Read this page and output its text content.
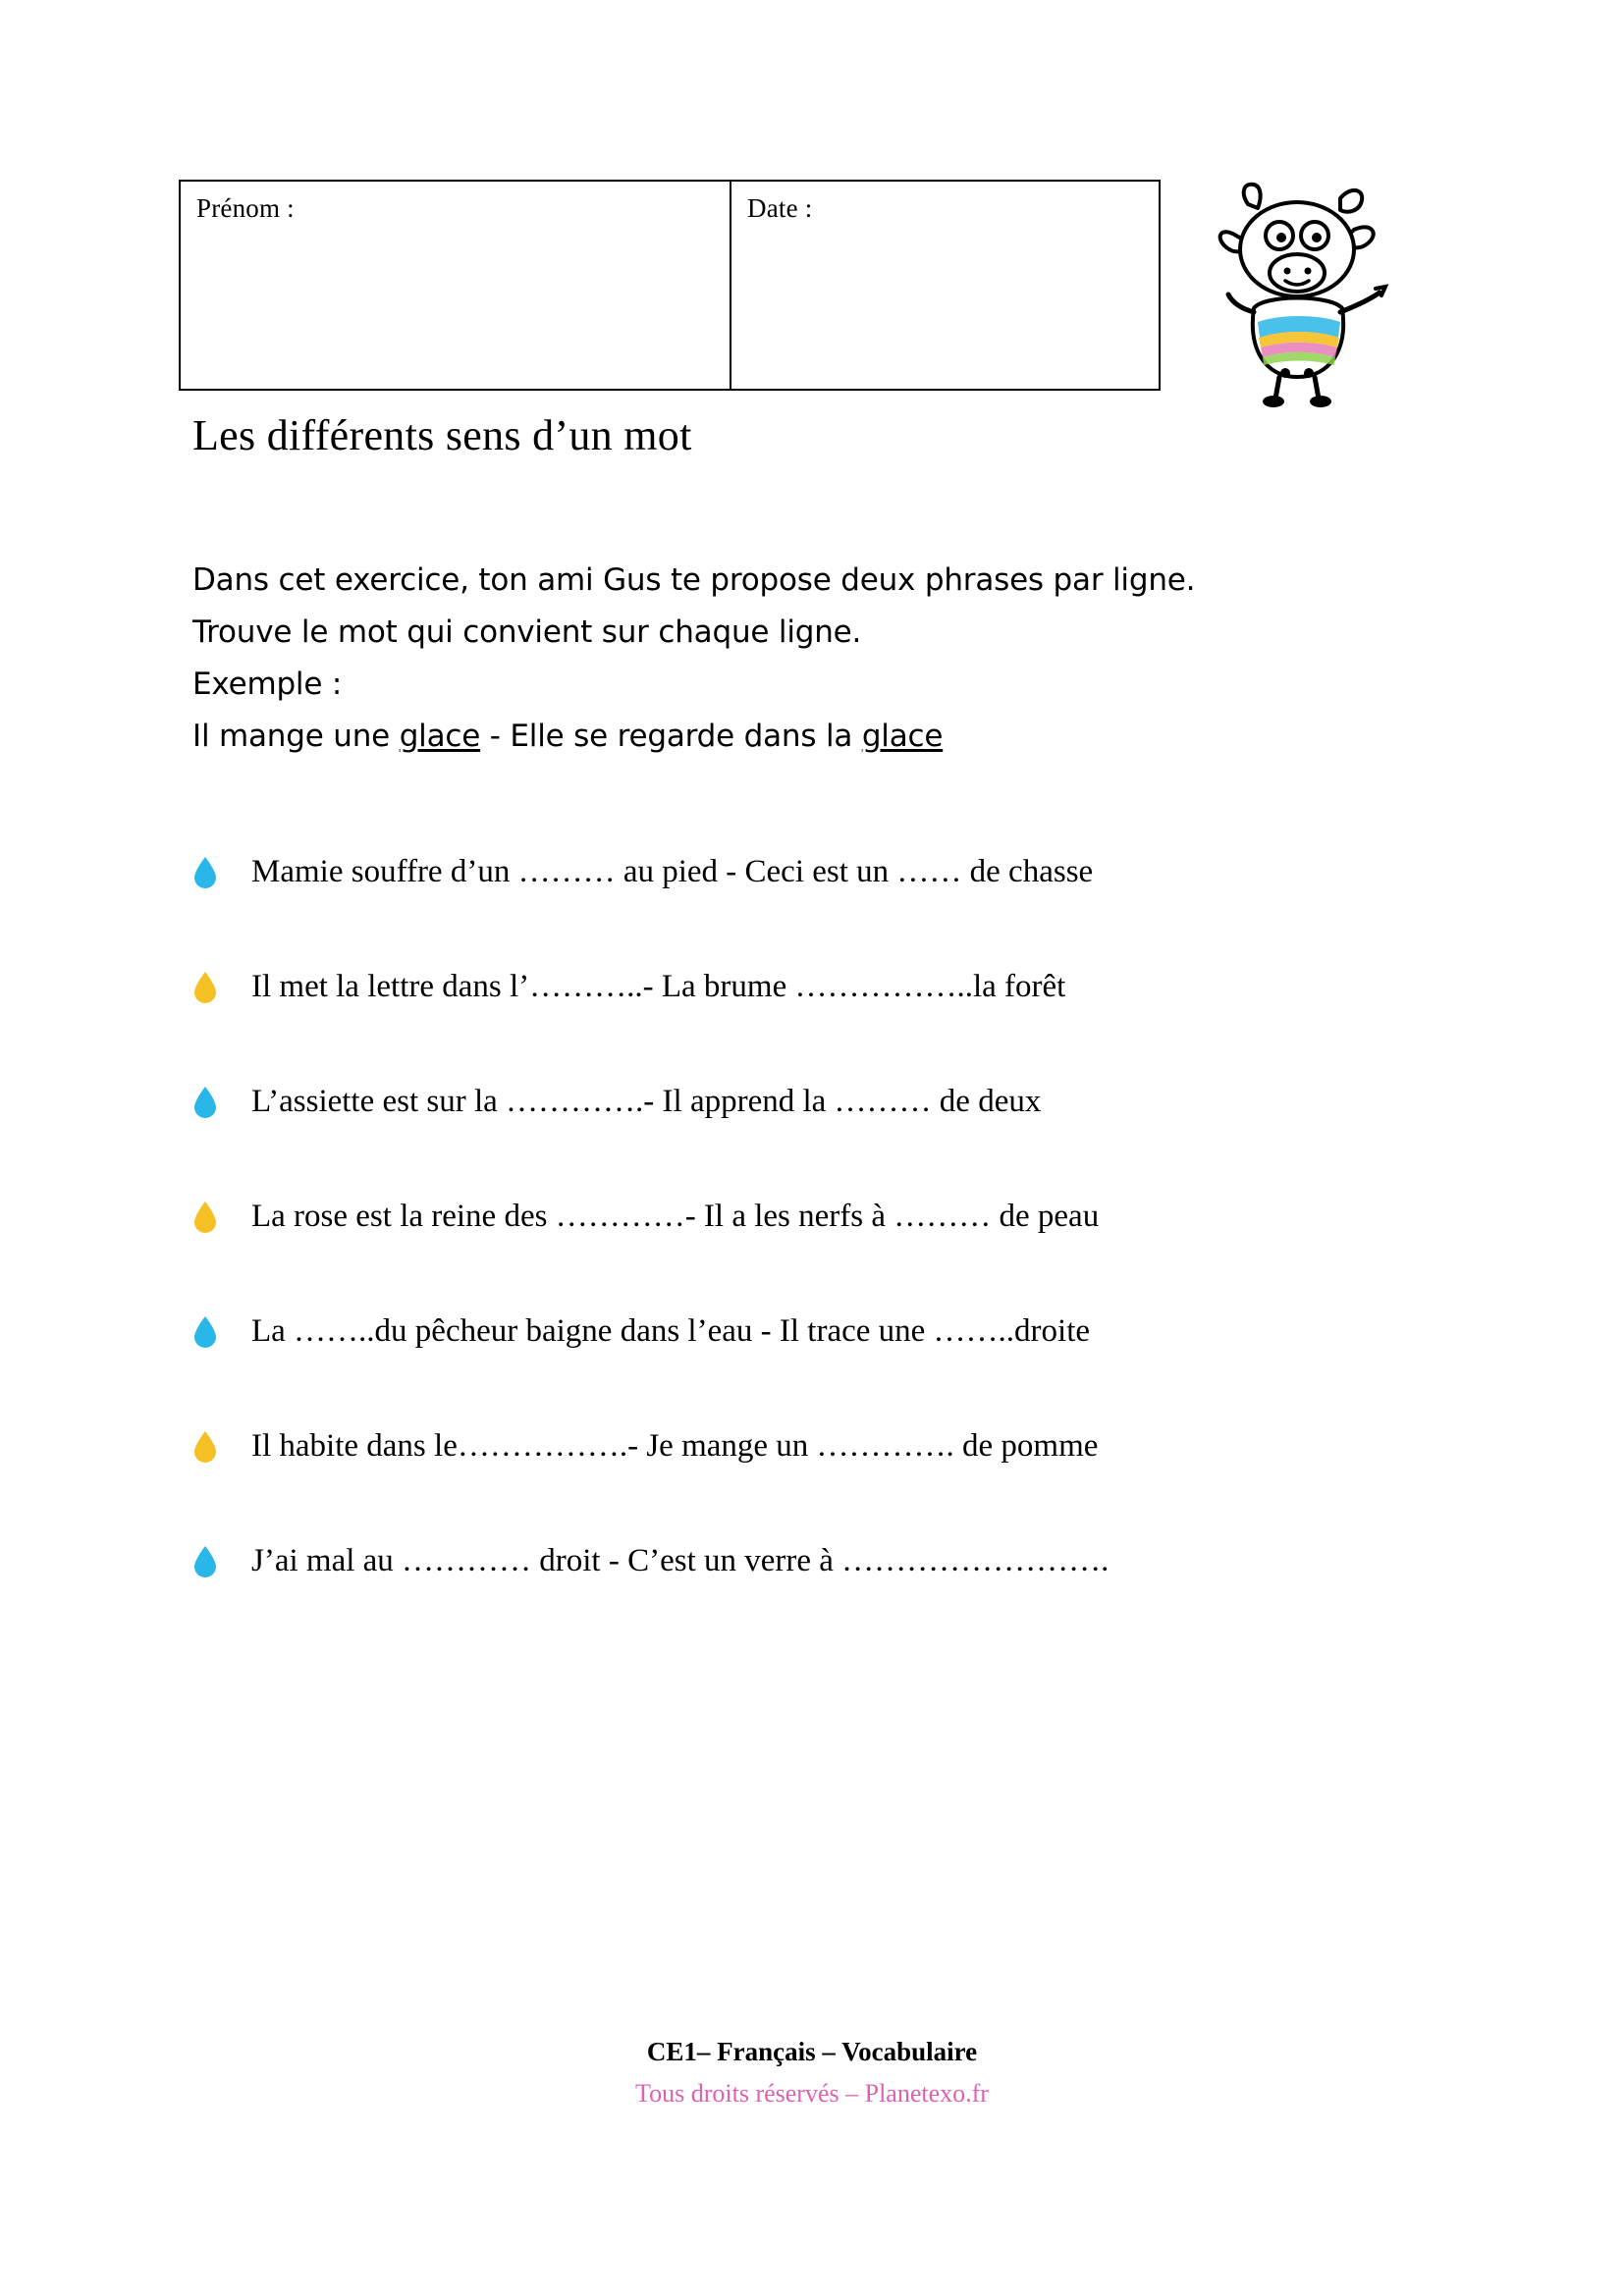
Prénom :	Date :
Les différents sens d’un mot
Dans cet exercice, ton ami Gus te propose deux phrases par ligne.
Trouve le mot qui convient sur chaque ligne.
Exemple :
Il mange une glace - Elle se regarde dans la glace
Mamie souffre d’un ……… au pied - Ceci est un …… de chasse
Il met la lettre dans l’………..- La brume ……………..la forêt
L’assiette est sur la ………….- Il apprend la ……… de deux
La rose est la reine des …………- Il a les nerfs à ……… de peau
La ……..du pêcheur baigne dans l’eau - Il trace une ……..droite
Il habite dans le…………….- Je mange un …………. de pomme
J’ai mal au ………… droit - C’est un verre à …………………….
CE1– Français – Vocabulaire
Tous droits réservés – Planetexo.fr
